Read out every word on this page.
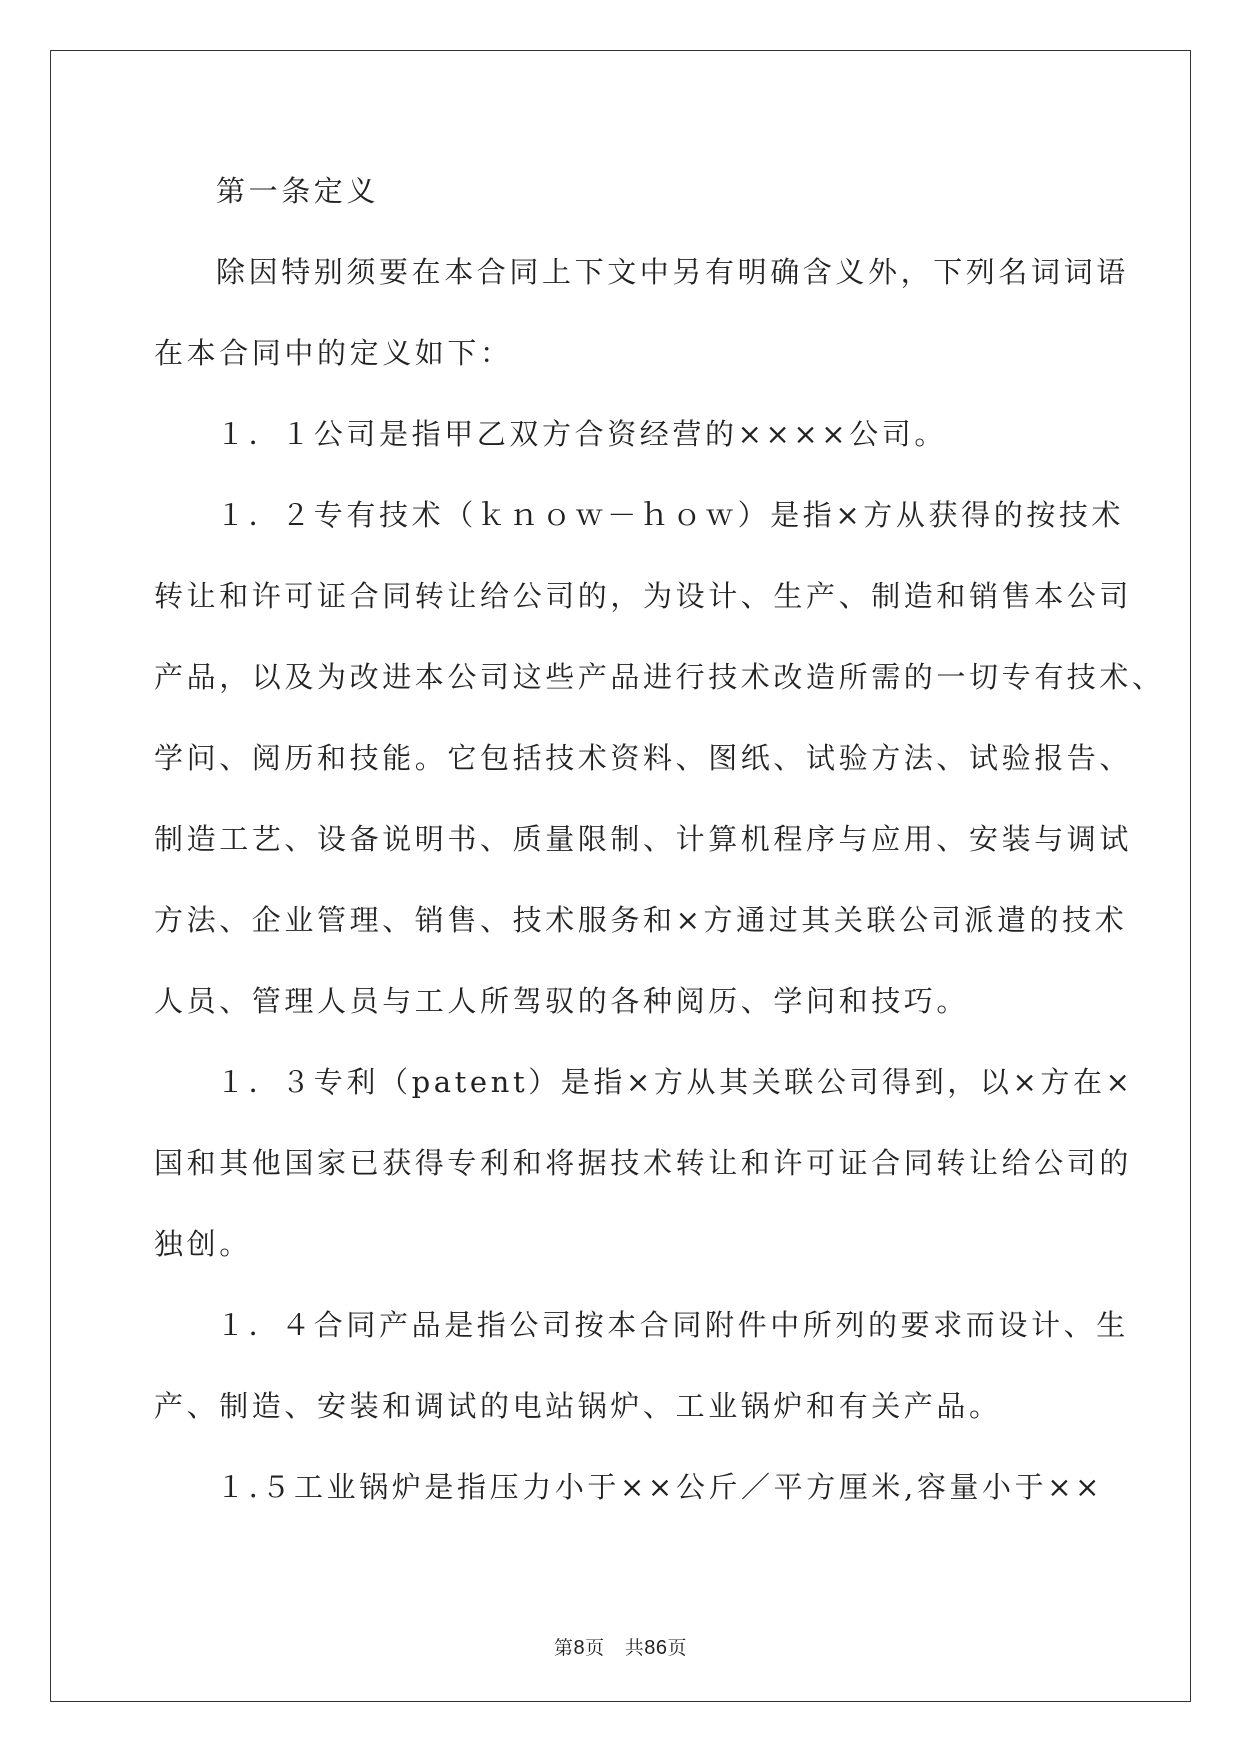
第一条定义
除因特别须要在本合同上下文中另有明确含义外，下列名词词语
在本合同中的定义如下：
１．１公司是指甲乙双方合资经营的××××公司。
１．２专有技术（ｋｎｏｗ－ｈｏｗ）是指×方从获得的按技术
转让和许可证合同转让给公司的，为设计、生产、制造和销售本公司
产品，以及为改进本公司这些产品进行技术改造所需的一切专有技术、
学问、阅历和技能。它包括技术资料、图纸、试验方法、试验报告、
制造工艺、设备说明书、质量限制、计算机程序与应用、安装与调试
方法、企业管理、销售、技术服务和×方通过其关联公司派遣的技术
人员、管理人员与工人所驾驭的各种阅历、学问和技巧。
１．３专利（patent）是指×方从其关联公司得到，以×方在×
国和其他国家已获得专利和将据技术转让和许可证合同转让给公司的
独创。
１．４合同产品是指公司按本合同附件中所列的要求而设计、生
产、制造、安装和调试的电站锅炉、工业锅炉和有关产品。
１.５工业锅炉是指压力小于××公斤／平方厘米,容量小于××
第8页 共86页
